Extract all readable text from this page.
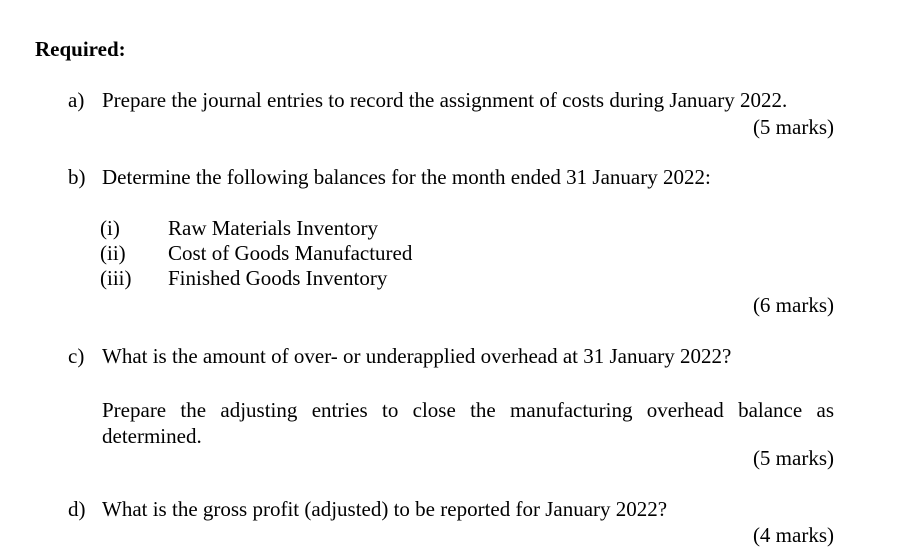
Required:
a) Prepare the journal entries to record the assignment of costs during January 2022.
(5 marks)
b) Determine the following balances for the month ended 31 January 2022:
(i) Raw Materials Inventory
(ii) Cost of Goods Manufactured
(iii) Finished Goods Inventory
(6 marks)
c) What is the amount of over- or underapplied overhead at 31 January 2022?
Prepare the adjusting entries to close the manufacturing overhead balance as determined.
(5 marks)
d) What is the gross profit (adjusted) to be reported for January 2022?
(4 marks)
